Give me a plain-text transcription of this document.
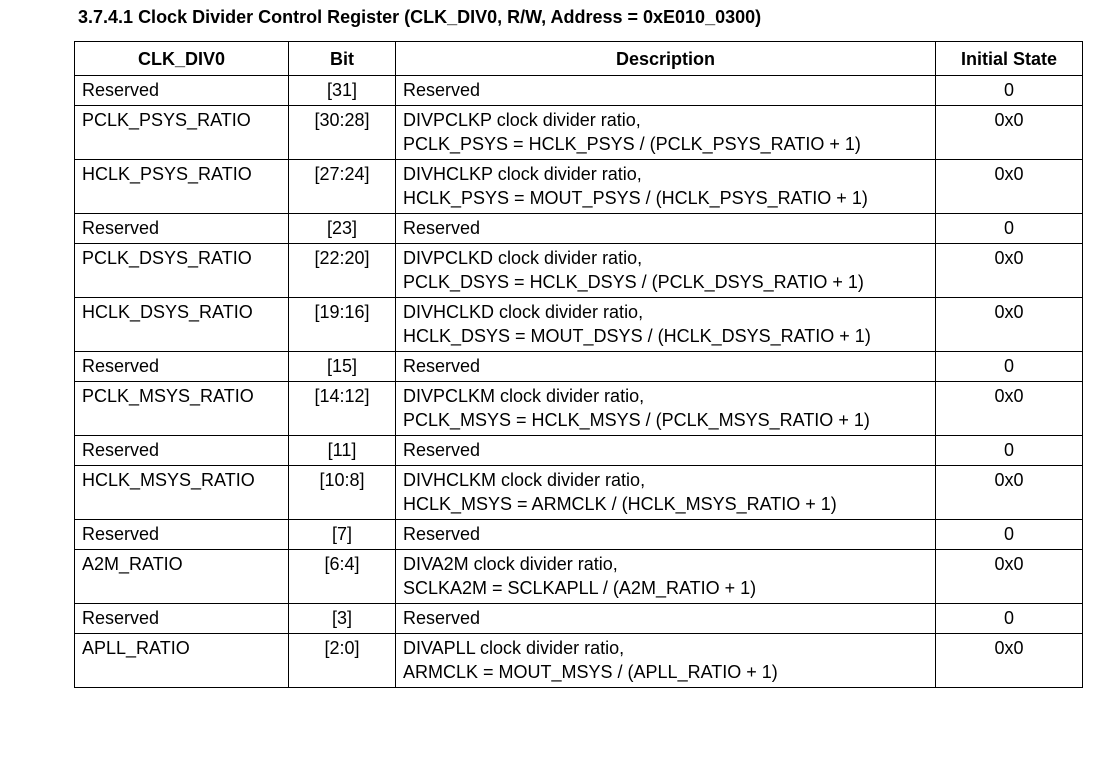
3.7.4.1 Clock Divider Control Register (CLK_DIV0, R/W, Address = 0xE010_0300)
CLK_DIV0	Bit	Description	Initial State
Reserved	[31]	Reserved	0
PCLK_PSYS_RATIO	[30:28]	DIVPCLKP clock divider ratio,
PCLK_PSYS = HCLK_PSYS / (PCLK_PSYS_RATIO + 1)	0x0
HCLK_PSYS_RATIO	[27:24]	DIVHCLKP clock divider ratio,
HCLK_PSYS = MOUT_PSYS / (HCLK_PSYS_RATIO + 1)	0x0
Reserved	[23]	Reserved	0
PCLK_DSYS_RATIO	[22:20]	DIVPCLKD clock divider ratio,
PCLK_DSYS = HCLK_DSYS / (PCLK_DSYS_RATIO + 1)	0x0
HCLK_DSYS_RATIO	[19:16]	DIVHCLKD clock divider ratio,
HCLK_DSYS = MOUT_DSYS / (HCLK_DSYS_RATIO + 1)	0x0
Reserved	[15]	Reserved	0
PCLK_MSYS_RATIO	[14:12]	DIVPCLKM clock divider ratio,
PCLK_MSYS = HCLK_MSYS / (PCLK_MSYS_RATIO + 1)	0x0
Reserved	[11]	Reserved	0
HCLK_MSYS_RATIO	[10:8]	DIVHCLKM clock divider ratio,
HCLK_MSYS = ARMCLK / (HCLK_MSYS_RATIO + 1)	0x0
Reserved	[7]	Reserved	0
A2M_RATIO	[6:4]	DIVA2M clock divider ratio,
SCLKA2M = SCLKAPLL / (A2M_RATIO + 1)	0x0
Reserved	[3]	Reserved	0
APLL_RATIO	[2:0]	DIVAPLL clock divider ratio,
ARMCLK = MOUT_MSYS / (APLL_RATIO + 1)	0x0
